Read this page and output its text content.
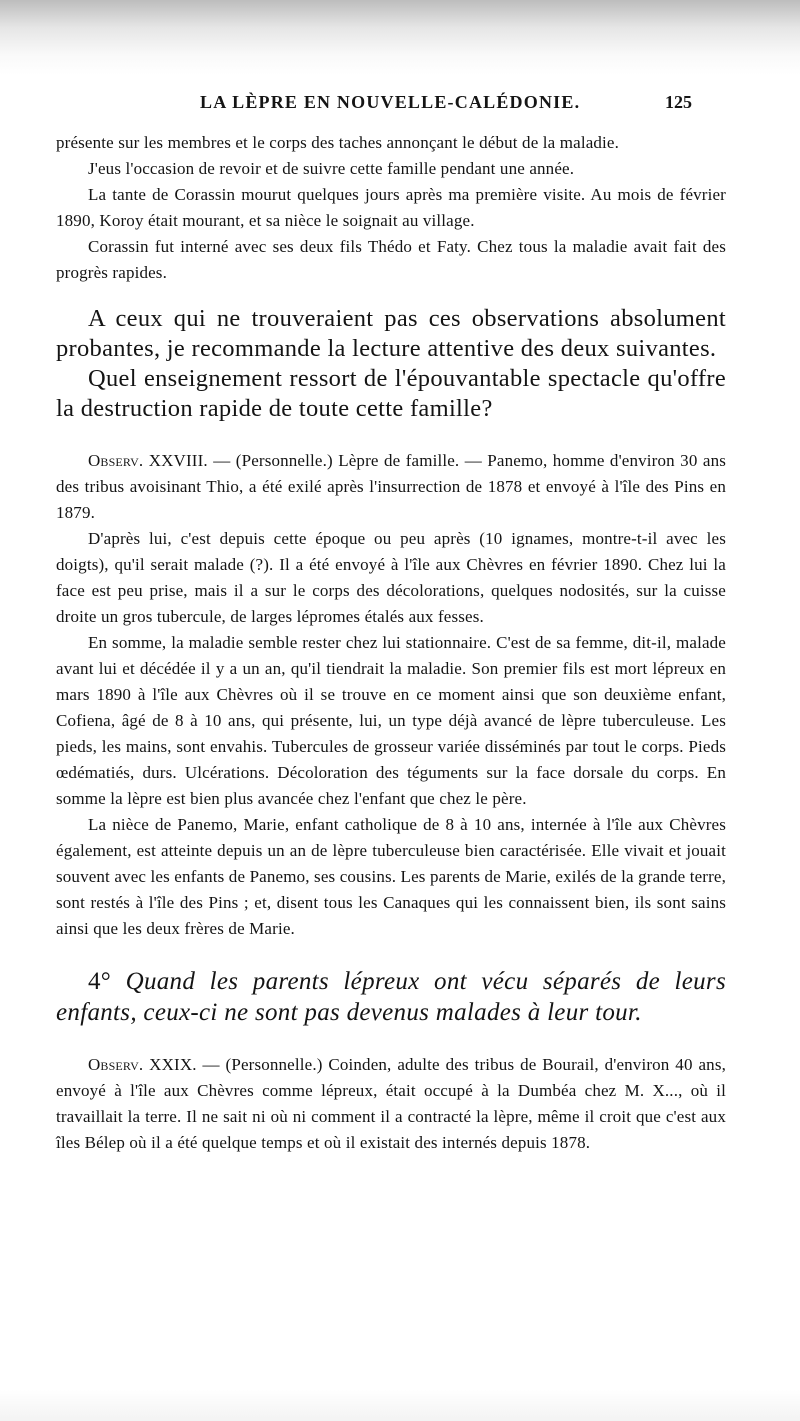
LA LÈPRE EN NOUVELLE-CALÉDONIE.	125

présente sur les membres et le corps des taches annonçant le début de la maladie.

J'eus l'occasion de revoir et de suivre cette famille pendant une année.

La tante de Corassin mourut quelques jours après ma première visite. Au mois de février 1890, Koroy était mourant, et sa nièce le soignait au village.

Corassin fut interné avec ses deux fils Thédo et Faty. Chez tous la maladie avait fait des progrès rapides.

A ceux qui ne trouveraient pas ces observations absolument probantes, je recommande la lecture attentive des deux suivantes.

Quel enseignement ressort de l'épouvantable spectacle qu'offre la destruction rapide de toute cette famille?

Observ. XXVIII. — (Personnelle.) Lèpre de famille. — Panemo, homme d'environ 30 ans des tribus avoisinant Thio, a été exilé après l'insurrection de 1878 et envoyé à l'île des Pins en 1879.

D'après lui, c'est depuis cette époque ou peu après (10 ignames, montre-t-il avec les doigts), qu'il serait malade (?). Il a été envoyé à l'île aux Chèvres en février 1890. Chez lui la face est peu prise, mais il a sur le corps des décolorations, quelques nodosités, sur la cuisse droite un gros tubercule, de larges lépromes étalés aux fesses.

En somme, la maladie semble rester chez lui stationnaire. C'est de sa femme, dit-il, malade avant lui et décédée il y a un an, qu'il tiendrait la maladie. Son premier fils est mort lépreux en mars 1890 à l'île aux Chèvres où il se trouve en ce moment ainsi que son deuxième enfant, Cofiena, âgé de 8 à 10 ans, qui présente, lui, un type déjà avancé de lèpre tuberculeuse. Les pieds, les mains, sont envahis. Tubercules de grosseur variée disséminés par tout le corps. Pieds œdématiés, durs. Ulcérations. Décoloration des téguments sur la face dorsale du corps. En somme la lèpre est bien plus avancée chez l'enfant que chez le père.

La nièce de Panemo, Marie, enfant catholique de 8 à 10 ans, internée à l'île aux Chèvres également, est atteinte depuis un an de lèpre tuberculeuse bien caractérisée. Elle vivait et jouait souvent avec les enfants de Panemo, ses cousins. Les parents de Marie, exilés de la grande terre, sont restés à l'île des Pins ; et, disent tous les Canaques qui les connaissent bien, ils sont sains ainsi que les deux frères de Marie.

4° Quand les parents lépreux ont vécu séparés de leurs enfants, ceux-ci ne sont pas devenus malades à leur tour.

Observ. XXIX. — (Personnelle.) Coinden, adulte des tribus de Bourail, d'environ 40 ans, envoyé à l'île aux Chèvres comme lépreux, était occupé à la Dumbéa chez M. X..., où il travaillait la terre. Il ne sait ni où ni comment il a contracté la lèpre, même il croit que c'est aux îles Bélep où il a été quelque temps et où il existait des internés depuis 1878.
